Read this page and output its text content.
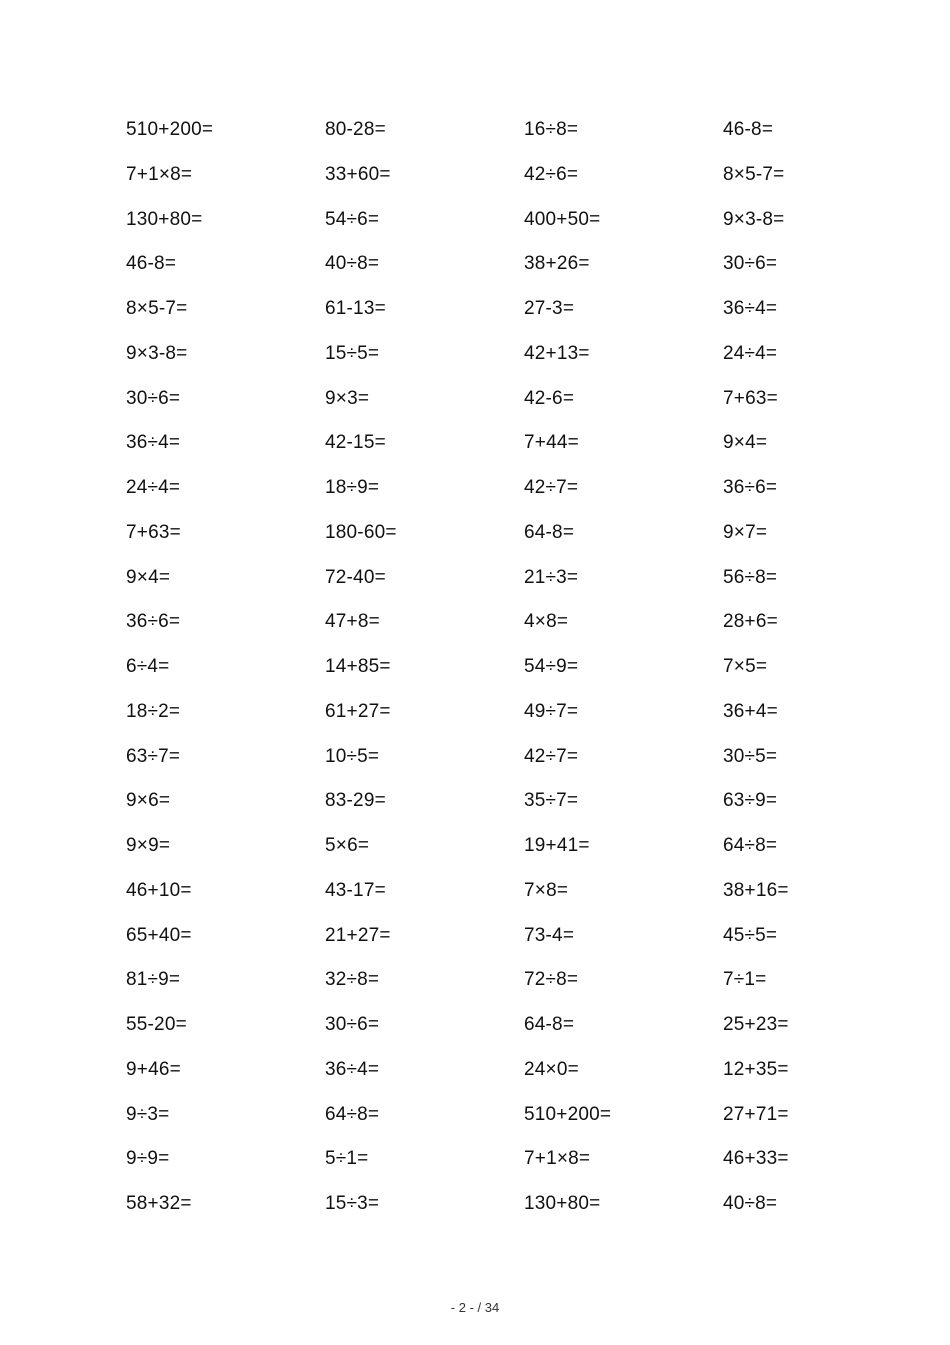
510+200=	80-28=	16÷8=	46-8=
7+1×8=	33+60=	42÷6=	8×5-7=
130+80=	54÷6=	400+50=	9×3-8=
46-8=	40÷8=	38+26=	30÷6=
8×5-7=	61-13=	27-3=	36÷4=
9×3-8=	15÷5=	42+13=	24÷4=
30÷6=	9×3=	42-6=	7+63=
36÷4=	42-15=	7+44=	9×4=
24÷4=	18÷9=	42÷7=	36÷6=
7+63=	180-60=	64-8=	9×7=
9×4=	72-40=	21÷3=	56÷8=
36÷6=	47+8=	4×8=	28+6=
6÷4=	14+85=	54÷9=	7×5=
18÷2=	61+27=	49÷7=	36+4=
63÷7=	10÷5=	42÷7=	30÷5=
9×6=	83-29=	35÷7=	63÷9=
9×9=	5×6=	19+41=	64÷8=
46+10=	43-17=	7×8=	38+16=
65+40=	21+27=	73-4=	45÷5=
81÷9=	32÷8=	72÷8=	7÷1=
55-20=	30÷6=	64-8=	25+23=
9+46=	36÷4=	24×0=	12+35=
9÷3=	64÷8=	510+200=	27+71=
9÷9=	5÷1=	7+1×8=	46+33=
58+32=	15÷3=	130+80=	40÷8=
- 2 - / 34
